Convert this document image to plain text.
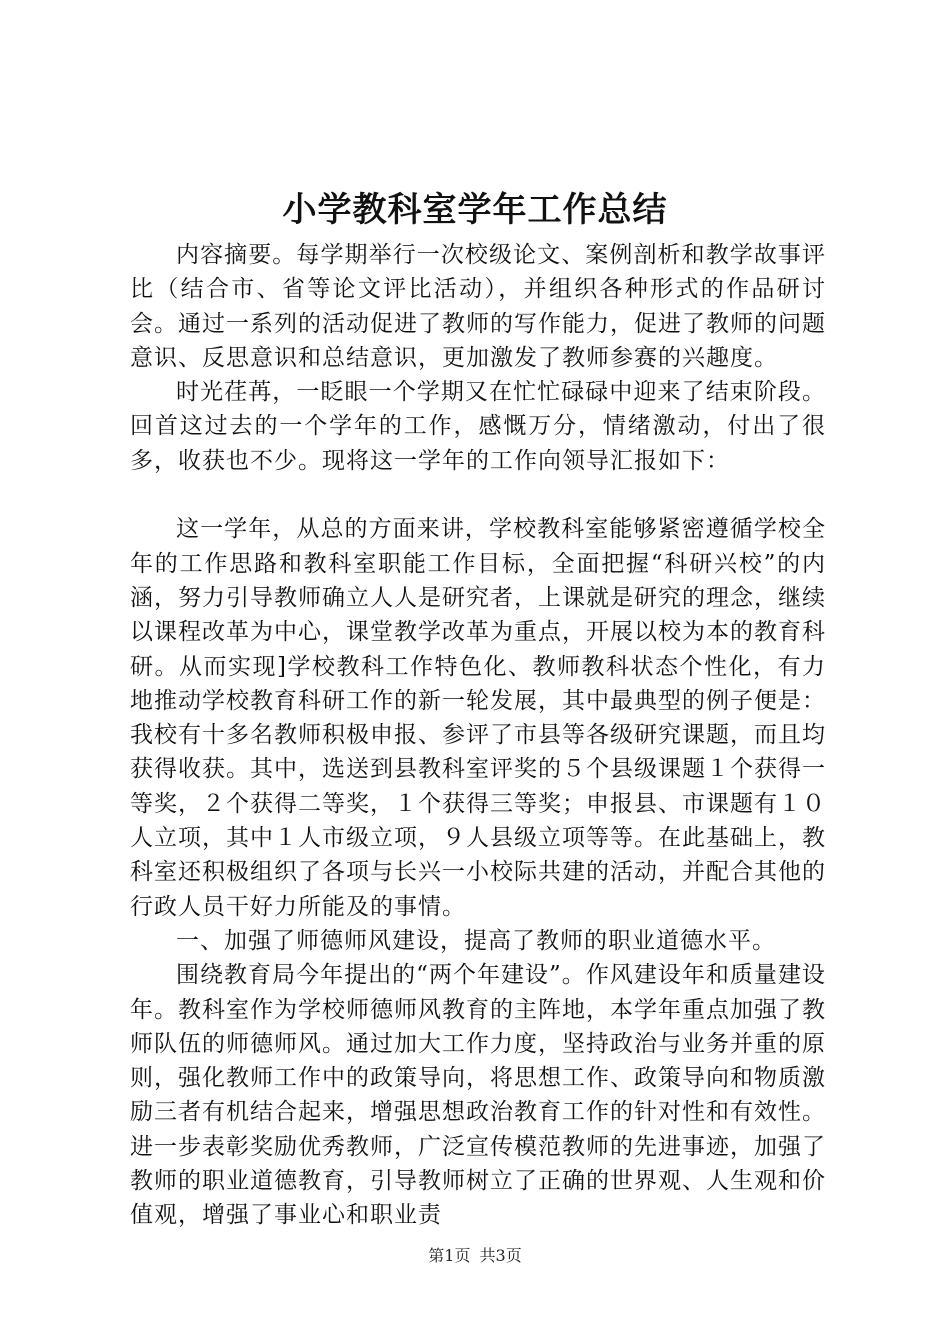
小学教科室学年工作总结

内容摘要。每学期举行一次校级论文、案例剖析和教学故事评比（结合市、省等论文评比活动），并组织各种形式的作品研讨会。通过一系列的活动促进了教师的写作能力，促进了教师的问题意识、反思意识和总结意识，更加激发了教师参赛的兴趣度。

时光荏苒，一眨眼一个学期又在忙忙碌碌中迎来了结束阶段。回首这过去的一个学年的工作，感慨万分，情绪激动，付出了很多，收获也不少。现将这一学年的工作向领导汇报如下：

这一学年，从总的方面来讲，学校教科室能够紧密遵循学校全年的工作思路和教科室职能工作目标，全面把握“科研兴校”的内涵，努力引导教师确立人人是研究者，上课就是研究的理念，继续以课程改革为中心，课堂教学改革为重点，开展以校为本的教育科研。从而实现]学校教科工作特色化、教师教科状态个性化，有力地推动学校教育科研工作的新一轮发展，其中最典型的例子便是：我校有十多名教师积极申报、参评了市县等各级研究课题，而且均获得收获。其中，选送到县教科室评奖的５个县级课题１个获得一等奖，２个获得二等奖，１个获得三等奖；申报县、市课题有１０人立项，其中１人市级立项，９人县级立项等等。在此基础上，教科室还积极组织了各项与长兴一小校际共建的活动，并配合其他的行政人员干好力所能及的事情。

一、加强了师德师风建设，提高了教师的职业道德水平。

围绕教育局今年提出的“两个年建设”。作风建设年和质量建设年。教科室作为学校师德师风教育的主阵地，本学年重点加强了教师队伍的师德师风。通过加大工作力度，坚持政治与业务并重的原则，强化教师工作中的政策导向，将思想工作、政策导向和物质激励三者有机结合起来，增强思想政治教育工作的针对性和有效性。进一步表彰奖励优秀教师，广泛宣传模范教师的先进事迹，加强了教师的职业道德教育，引导教师树立了正确的世界观、人生观和价值观，增强了事业心和职业责

第1页 共3页
